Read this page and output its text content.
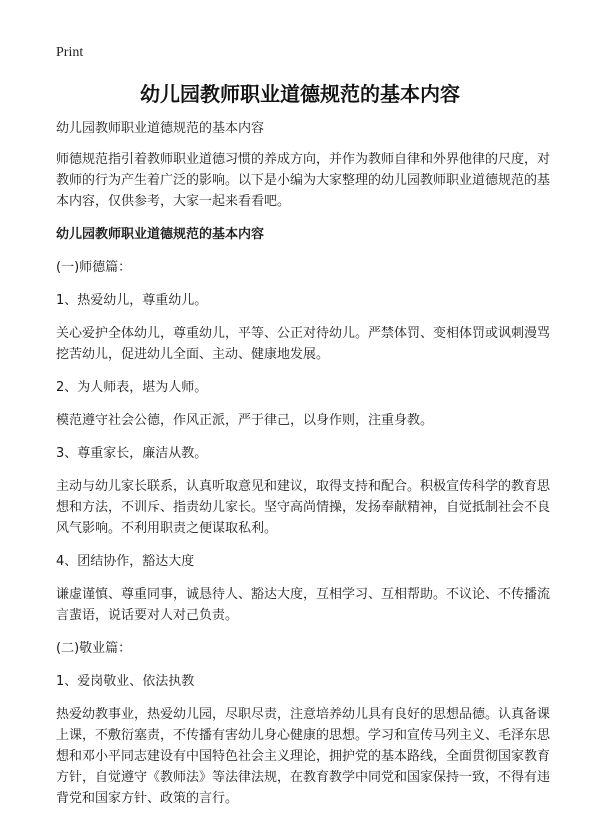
Print
幼儿园教师职业道德规范的基本内容

幼儿园教师职业道德规范的基本内容

师德规范指引着教师职业道德习惯的养成方向，并作为教师自律和外界他律的尺度，对教师的行为产生着广泛的影响。以下是小编为大家整理的幼儿园教师职业道德规范的基本内容，仅供参考，大家一起来看看吧。

幼儿园教师职业道德规范的基本内容

(一)师德篇：

1、热爱幼儿，尊重幼儿。

关心爱护全体幼儿，尊重幼儿，平等、公正对待幼儿。严禁体罚、变相体罚或讽刺漫骂挖苦幼儿，促进幼儿全面、主动、健康地发展。

2、为人师表，堪为人师。

模范遵守社会公德，作风正派，严于律己，以身作则，注重身教。

3、尊重家长，廉洁从教。

主动与幼儿家长联系，认真听取意见和建议，取得支持和配合。积极宣传科学的教育思想和方法，不训斥、指责幼儿家长。坚守高尚情操，发扬奉献精神，自觉抵制社会不良风气影响。不利用职责之便谋取私利。

4、团结协作，豁达大度

谦虚谨慎、尊重同事，诚恳待人、豁达大度，互相学习、互相帮助。不议论、不传播流言蜚语，说话要对人对己负责。

(二)敬业篇：

1、爱岗敬业、依法执教

热爱幼教事业，热爱幼儿园，尽职尽责，注意培养幼儿具有良好的思想品德。认真备课上课，不敷衍塞责，不传播有害幼儿身心健康的思想。学习和宣传马列主义、毛泽东思想和邓小平同志建设有中国特色社会主义理论，拥护党的基本路线，全面贯彻国家教育方针，自觉遵守《教师法》等法律法规，在教育教学中同党和国家保持一致，不得有违背党和国家方针、政策的言行。
